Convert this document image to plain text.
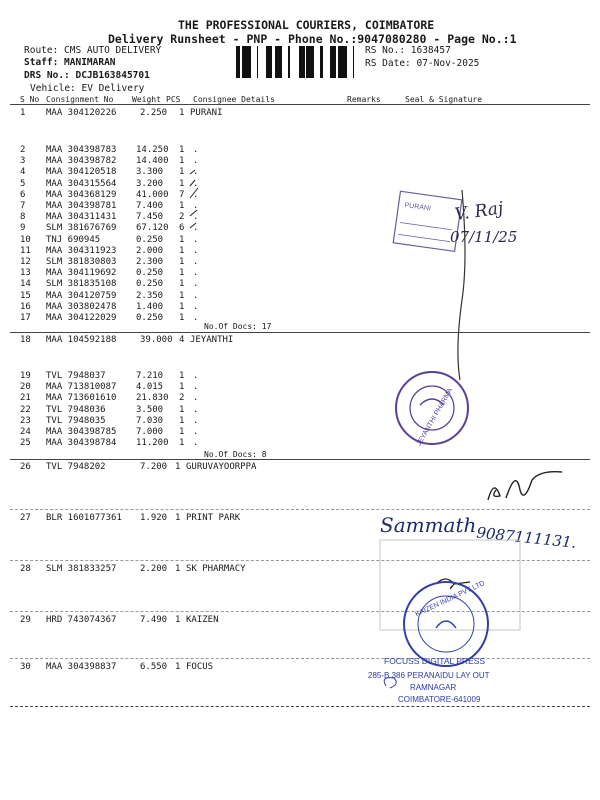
THE PROFESSIONAL COURIERS, COIMBATORE
Delivery Runsheet - PNP - Phone No.:9047080280 - Page No.:1
Route: CMS AUTO DELIVERY
Staff: MANIMARAN
DRS No.: DCJB163845701
Vehicle: EV Delivery
RS No.: 1638457
RS Date: 07-Nov-2025
S No Consignment No Weight PCS Consignee Details	Remarks	Seal & Signature
1 MAA 304120226	2.250 1 PURANI
2 MAA 304398783 14.250 1 .
3 MAA 304398782 14.400 1 .
4 MAA 304120518 3.300 1 .
5 MAA 304315564 3.200 1 .
6 MAA 304368129 41.000 7 .
7 MAA 304398781 7.400 1 .
8 MAA 304311431 7.450 2 .
9 SLM 381676769 67.120 6 .
10 TNJ 690945	0.250 1 .
11 MAA 304311923 2.000 1 .
12 SLM 381830803 2.300 1 .
13 MAA 304119692 0.250 1 .
14 SLM 381835108 0.250 1 .
15 MAA 304120759 2.350 1 .
16 MAA 303802478 1.400 1 .
17 MAA 304122029 0.250 1 .
No.Of Docs: 17
18 MAA 104592188	39.000 4 JEYANTHI
19 TVL 7948037	7.210 1 .
20 MAA 713810087 4.015 1 .
21 MAA 713601610 21.830 2 .
22 TVL 7948036	3.500 1 .
23 TVL 7948035	7.030 1 .
24 MAA 304398785 7.000 1 .
25 MAA 304398784 11.200 1 .
No.Of Docs: 8
26 TVL 7948202	7.200 1 GURUVAYOORPPA
27 BLR 1601077361 1.920 1 PRINT PARK
28 SLM 381833257	2.200 1 SK PHARMACY
29 HRD 743074367	7.490 1 KAIZEN
30 MAA 304398837	6.550 1 FOCUS
PURANI V. Raj
07/11/25
JEYANTHI PHARMA
Sammath 9087111131.
KAIZEN INDIA PVT LTD
FOCUSS DIGITAL PRESS
285-B 386 PERANAIDU LAY OUT
RAMNAGAR
COIMBATORE-641009
